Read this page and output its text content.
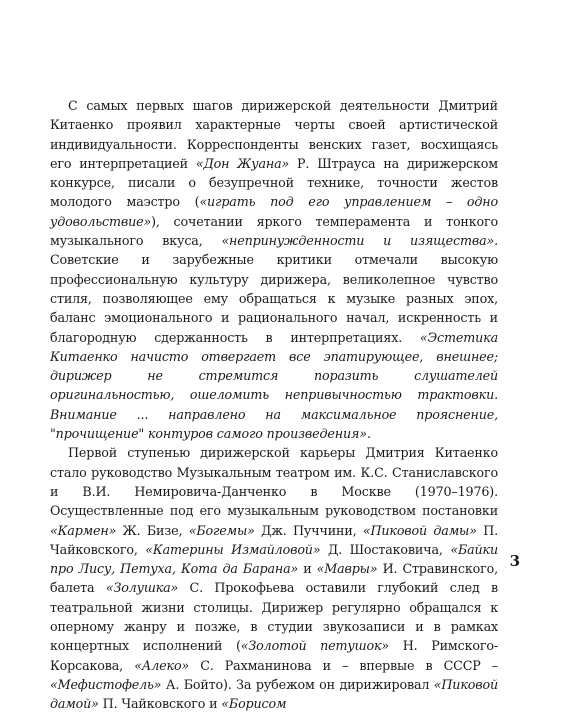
С самых первых шагов дирижерской деятельности Дмитрий Китаенко проявил характерные черты своей артистической индивидуальности. Корреспонденты венских газет, восхищаясь его интерпретацией «Дон Жуана» Р. Штрауса на дирижерском конкурсе, писали о безупречной технике, точности жестов молодого маэстро («играть под его управлением – одно удовольствие»), сочетании яркого темперамента и тонкого музыкального вкуса, «непринужденности и изящества». Советские и зарубежные критики отмечали высокую профессиональную культуру дирижера, великолепное чувство стиля, позволяющее ему обращаться к музыке разных эпох, баланс эмоционального и рационального начал, искренность и благородную сдержанность в интерпретациях. «Эстетика Китаенко начисто отвергает все эпатирующее, внешнее; дирижер не стремится поразить слушателей оригинальностью, ошеломить непривычностью трактовки. Внимание ... направлено на максимальное прояснение, "прочищение" контуров самого произведения».

Первой ступенью дирижерской карьеры Дмитрия Китаенко стало руководство Музыкальным театром им. К.С. Станиславского и В.И. Немировича-Данченко в Москве (1970–1976). Осуществленные под его музыкальным руководством постановки «Кармен» Ж. Бизе, «Богемы» Дж. Пуччини, «Пиковой дамы» П. Чайковского, «Катерины Измайловой» Д. Шостаковича, «Байки про Лису, Петуха, Кота да Барана» и «Мавры» И. Стравинского, балета «Золушка» С. Прокофьева оставили глубокий след в театральной жизни столицы. Дирижер регулярно обращался к оперному жанру и позже, в студии звукозаписи и в рамках концертных исполнений («Золотой петушок» Н. Римского-Корсакова, «Алеко» С. Рахманинова и – впервые в СССР – «Мефистофель» А. Бойто). За рубежом он дирижировал «Пиковой дамой» П. Чайковского и «Борисом

3
